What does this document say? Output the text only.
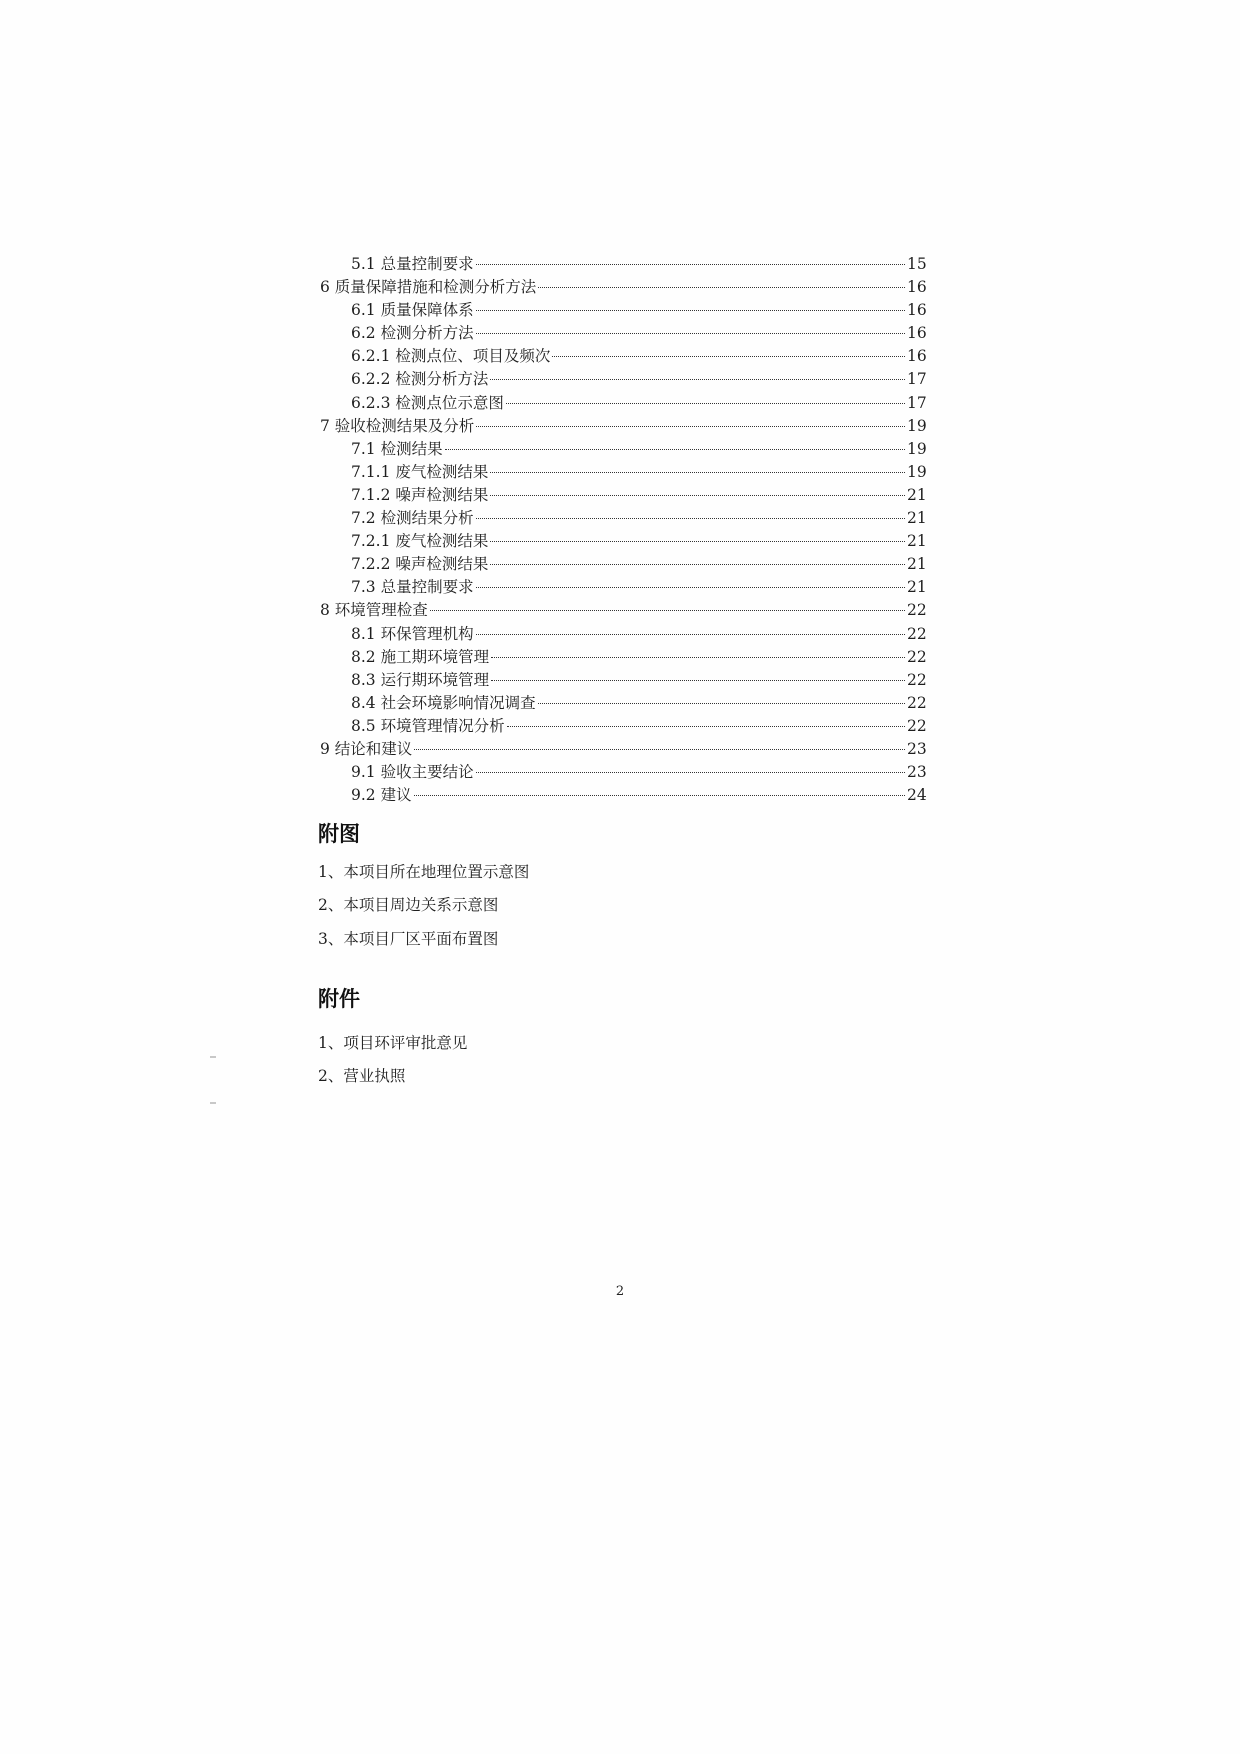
5.1 总量控制要求	15
6 质量保障措施和检测分析方法	16
6.1 质量保障体系	16
6.2 检测分析方法	16
6.2.1 检测点位、项目及频次	16
6.2.2 检测分析方法	17
6.2.3 检测点位示意图	17
7 验收检测结果及分析	19
7.1 检测结果	19
7.1.1 废气检测结果	19
7.1.2 噪声检测结果	21
7.2 检测结果分析	21
7.2.1 废气检测结果	21
7.2.2 噪声检测结果	21
7.3 总量控制要求	21
8 环境管理检查	22
8.1 环保管理机构	22
8.2 施工期环境管理	22
8.3 运行期环境管理	22
8.4 社会环境影响情况调查	22
8.5 环境管理情况分析	22
9 结论和建议	23
9.1 验收主要结论	23
9.2 建议	24
附图
1、本项目所在地理位置示意图
2、本项目周边关系示意图
3、本项目厂区平面布置图
附件
1、项目环评审批意见
2、营业执照
2
